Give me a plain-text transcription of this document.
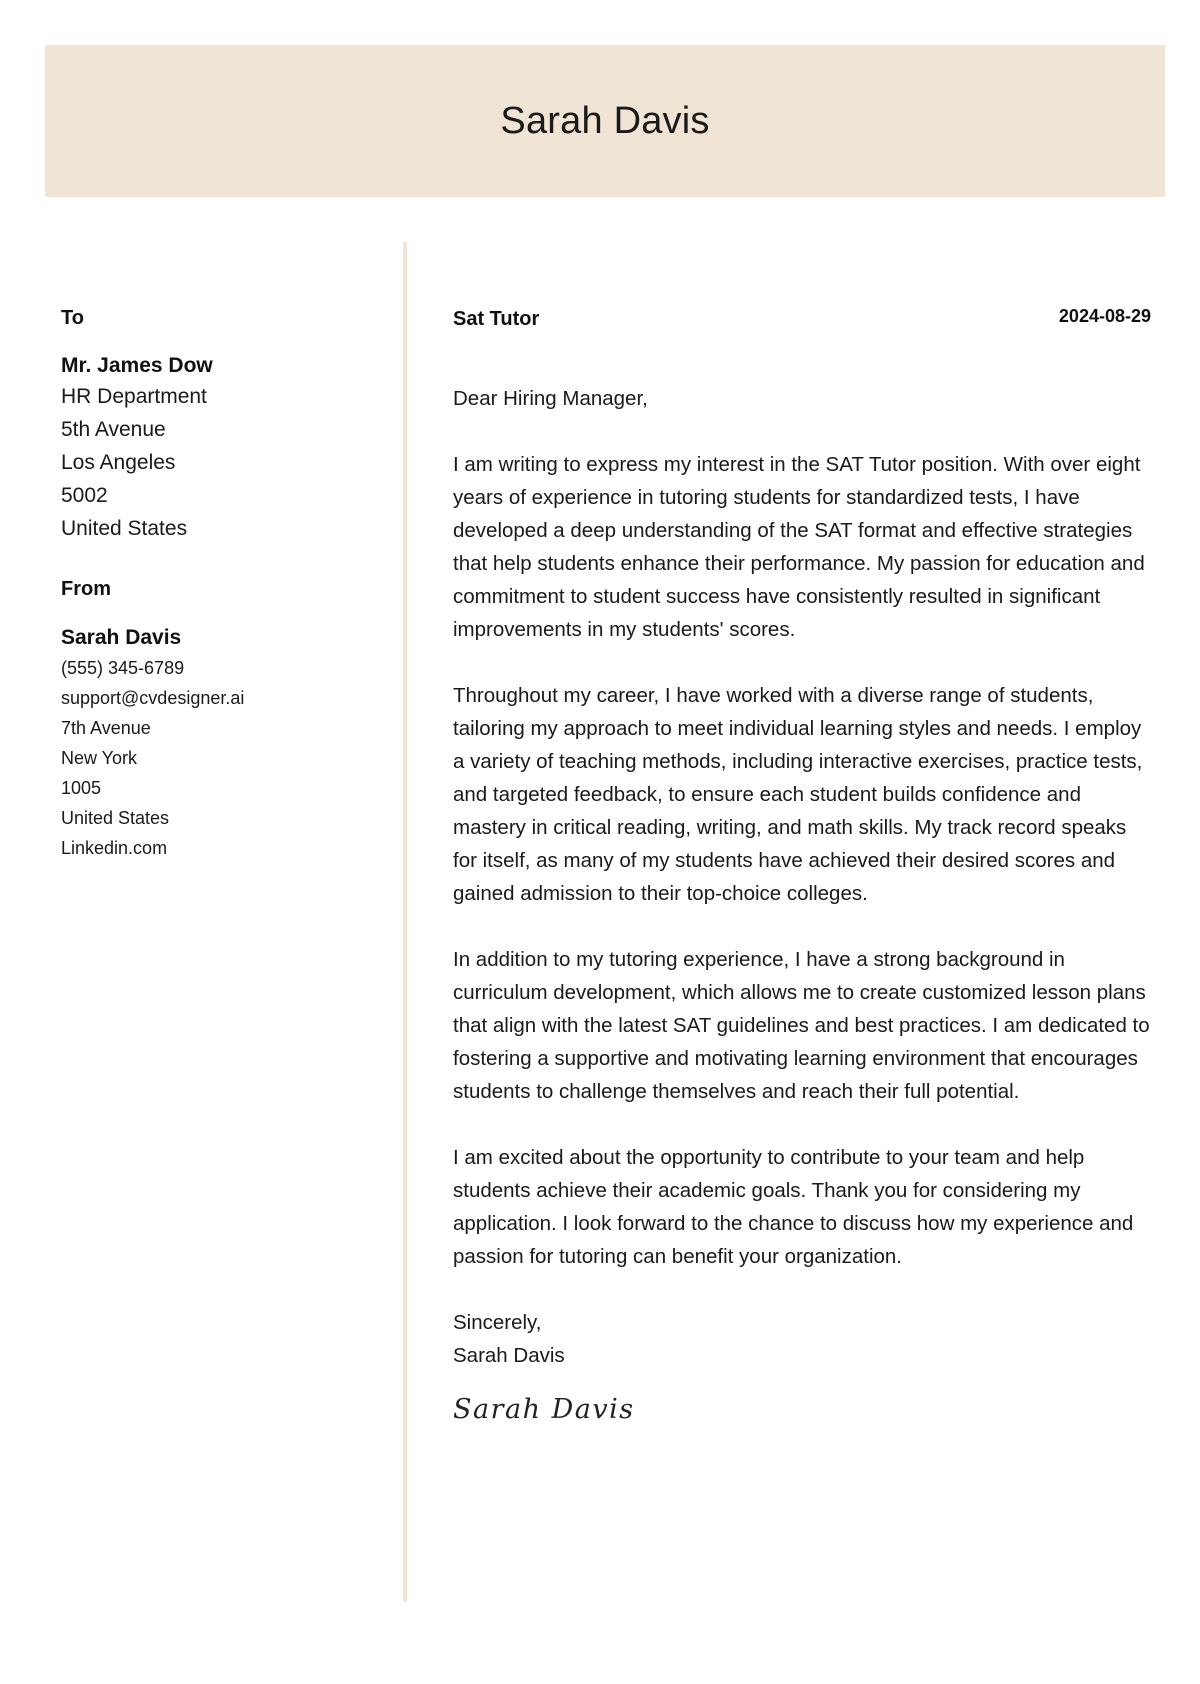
Sarah Davis
To
Mr. James Dow
HR Department
5th Avenue
Los Angeles
5002
United States
From
Sarah Davis
(555) 345-6789
support@cvdesigner.ai
7th Avenue
New York
1005
United States
Linkedin.com
Sat Tutor	2024-08-29
Dear Hiring Manager,
I am writing to express my interest in the SAT Tutor position. With over eight years of experience in tutoring students for standardized tests, I have developed a deep understanding of the SAT format and effective strategies that help students enhance their performance. My passion for education and commitment to student success have consistently resulted in significant improvements in my students' scores.
Throughout my career, I have worked with a diverse range of students, tailoring my approach to meet individual learning styles and needs. I employ a variety of teaching methods, including interactive exercises, practice tests, and targeted feedback, to ensure each student builds confidence and mastery in critical reading, writing, and math skills. My track record speaks for itself, as many of my students have achieved their desired scores and gained admission to their top-choice colleges.
In addition to my tutoring experience, I have a strong background in curriculum development, which allows me to create customized lesson plans that align with the latest SAT guidelines and best practices. I am dedicated to fostering a supportive and motivating learning environment that encourages students to challenge themselves and reach their full potential.
I am excited about the opportunity to contribute to your team and help students achieve their academic goals. Thank you for considering my application. I look forward to the chance to discuss how my experience and passion for tutoring can benefit your organization.
Sincerely,
Sarah Davis
Sarah Davis
